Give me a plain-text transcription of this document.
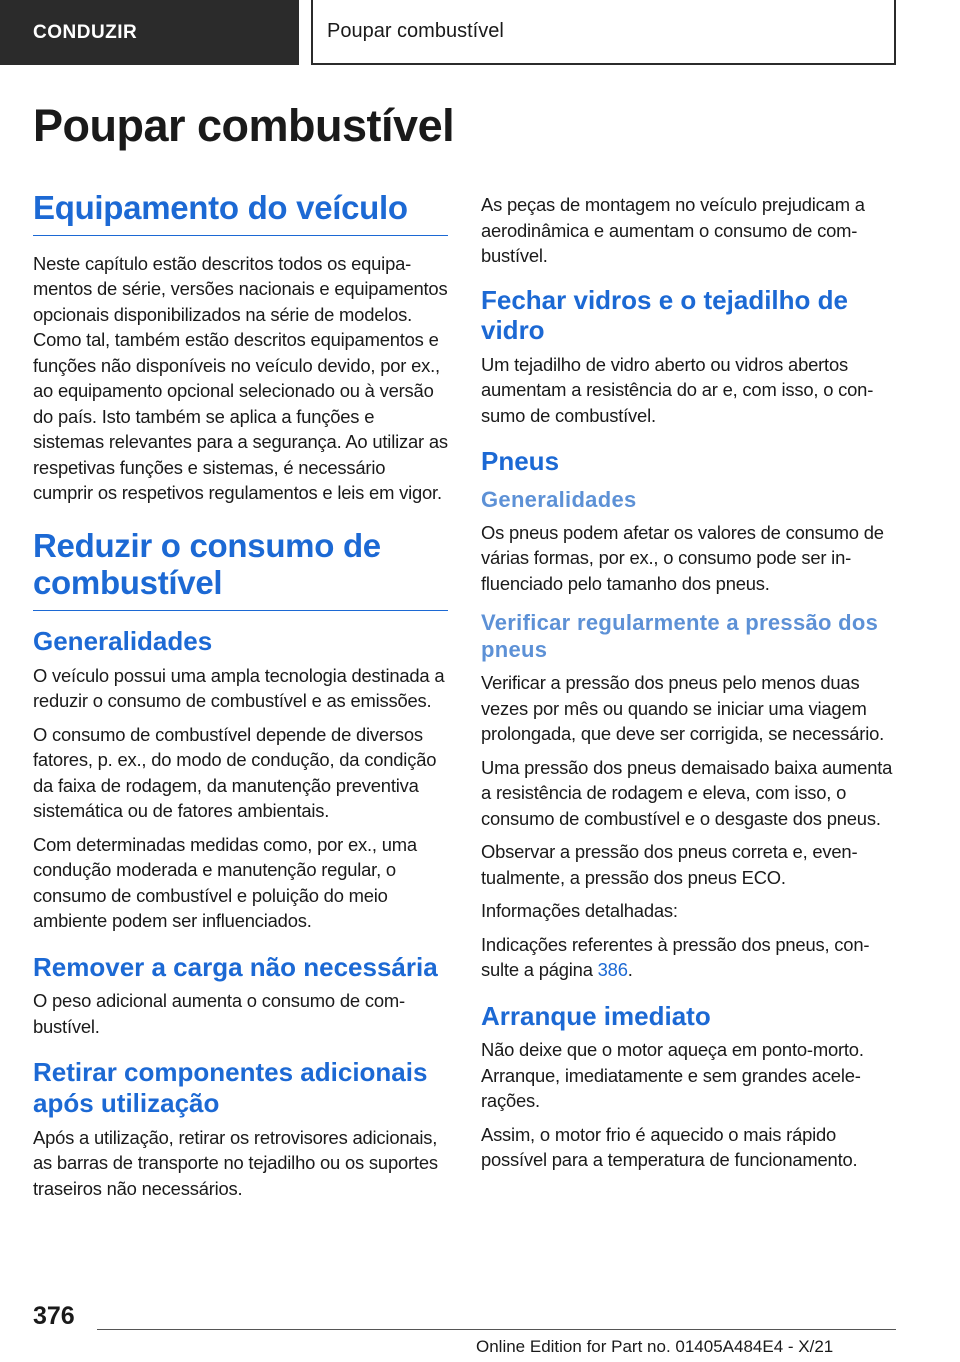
CONDUZIR	Poupar combustível
Poupar combustível
Equipamento do veículo

Neste capítulo estão descritos todos os equipamentos de série, versões nacionais e equipamentos opcionais disponibilizados na série de modelos. Como tal, também estão descritos equipamentos e funções não disponíveis no veículo devido, por ex., ao equipamento opcional selecionado ou à versão do país. Isto também se aplica a funções e sistemas relevantes para a segurança. Ao utilizar as respetivas funções e sistemas, é necessário cumprir os respetivos regulamentos e leis em vigor.

Reduzir o consumo de combustível
Generalidades

O veículo possui uma ampla tecnologia destinada a reduzir o consumo de combustível e as emissões.

O consumo de combustível depende de diversos fatores, p. ex., do modo de condução, da condição da faixa de rodagem, da manutenção preventiva sistemática ou de fatores ambientais.

Com determinadas medidas como, por ex., uma condução moderada e manutenção regular, o consumo de combustível e poluição do meio ambiente podem ser influenciados.

Remover a carga não necessária

O peso adicional aumenta o consumo de combustível.

Retirar componentes adicionais após utilização

Após a utilização, retirar os retrovisores adicionais, as barras de transporte no tejadilho ou os suportes traseiros não necessários.

As peças de montagem no veículo prejudicam a aerodinâmica e aumentam o consumo de combustível.

Fechar vidros e o tejadilho de vidro

Um tejadilho de vidro aberto ou vidros abertos aumentam a resistência do ar e, com isso, o consumo de combustível.

Pneus
Generalidades

Os pneus podem afetar os valores de consumo de várias formas, por ex., o consumo pode ser influenciado pelo tamanho dos pneus.

Verificar regularmente a pressão dos pneus

Verificar a pressão dos pneus pelo menos duas vezes por mês ou quando se iniciar uma viagem prolongada, que deve ser corrigida, se necessário.

Uma pressão dos pneus demaisado baixa aumenta a resistência de rodagem e eleva, com isso, o consumo de combustível e o desgaste dos pneus.

Observar a pressão dos pneus correta e, eventualmente, a pressão dos pneus ECO.

Informações detalhadas:

Indicações referentes à pressão dos pneus, consulte a página 386.

Arranque imediato

Não deixe que o motor aqueça em ponto-morto. Arranque, imediatamente e sem grandes acelerações.

Assim, o motor frio é aquecido o mais rápido possível para a temperatura de funcionamento.

376
Online Edition for Part no. 01405A484E4 - X/21
